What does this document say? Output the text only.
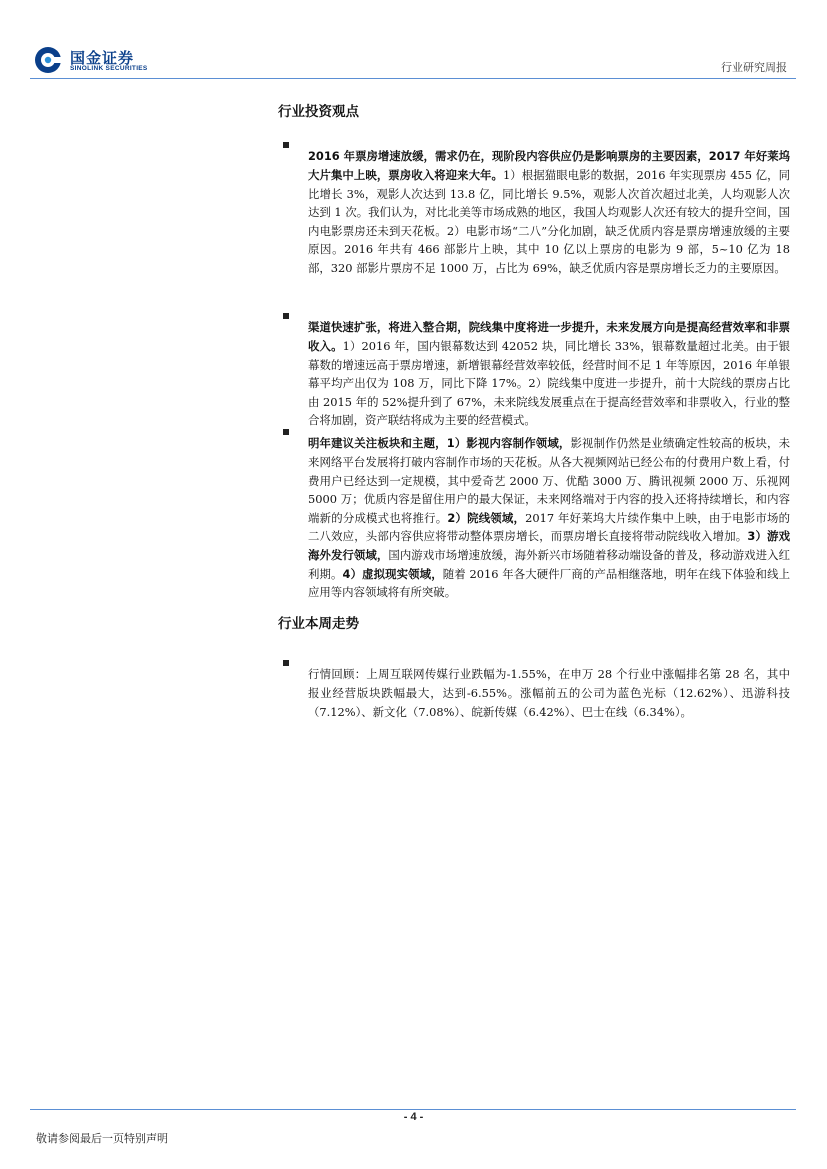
国金证券
SINOLINK SECURITIES	行业研究周报
行业投资观点

2016 年票房增速放缓，需求仍在，现阶段内容供应仍是影响票房的主要因素，2017 年好莱坞大片集中上映，票房收入将迎来大年。1）根据猫眼电影的数据，2016 年实现票房 455 亿，同比增长 3%，观影人次达到 13.8 亿，同比增长 9.5%，观影人次首次超过北美，人均观影人次达到 1 次。我们认为，对比北美等市场成熟的地区，我国人均观影人次还有较大的提升空间，国内电影票房还未到天花板。2）电影市场“二八”分化加剧，缺乏优质内容是票房增速放缓的主要原因。2016 年共有 466 部影片上映，其中 10 亿以上票房的电影为 9 部，5~10 亿为 18 部，320 部影片票房不足 1000 万，占比为 69%，缺乏优质内容是票房增长乏力的主要原因。

渠道快速扩张，将进入整合期，院线集中度将进一步提升，未来发展方向是提高经营效率和非票收入。1）2016 年，国内银幕数达到 42052 块，同比增长 33%，银幕数量超过北美。由于银幕数的增速远高于票房增速，新增银幕经营效率较低，经营时间不足 1 年等原因，2016 年单银幕平均产出仅为 108 万，同比下降 17%。2）院线集中度进一步提升，前十大院线的票房占比由 2015 年的 52%提升到了 67%，未来院线发展重点在于提高经营效率和非票收入，行业的整合将加剧，资产联结将成为主要的经营模式。

明年建议关注板块和主题，1）影视内容制作领域，影视制作仍然是业绩确定性较高的板块，未来网络平台发展将打破内容制作市场的天花板。从各大视频网站已经公布的付费用户数上看，付费用户已经达到一定规模，其中爱奇艺 2000 万、优酷 3000 万、腾讯视频 2000 万、乐视网 5000 万；优质内容是留住用户的最大保证，未来网络端对于内容的投入还将持续增长，和内容端新的分成模式也将推行。2）院线领域，2017 年好莱坞大片续作集中上映，由于电影市场的二八效应，头部内容供应将带动整体票房增长，而票房增长直接将带动院线收入增加。3）游戏海外发行领域，国内游戏市场增速放缓，海外新兴市场随着移动端设备的普及，移动游戏进入红利期。4）虚拟现实领域，随着 2016 年各大硬件厂商的产品相继落地，明年在线下体验和线上应用等内容领域将有所突破。

行业本周走势

行情回顾：上周互联网传媒行业跌幅为-1.55%，在申万 28 个行业中涨幅排名第 28 名，其中报业经营版块跌幅最大，达到-6.55%。涨幅前五的公司为蓝色光标（12.62%）、迅游科技（7.12%）、新文化（7.08%）、皖新传媒（6.42%）、巴士在线（6.34%）。

- 4 -
敬请参阅最后一页特别声明
